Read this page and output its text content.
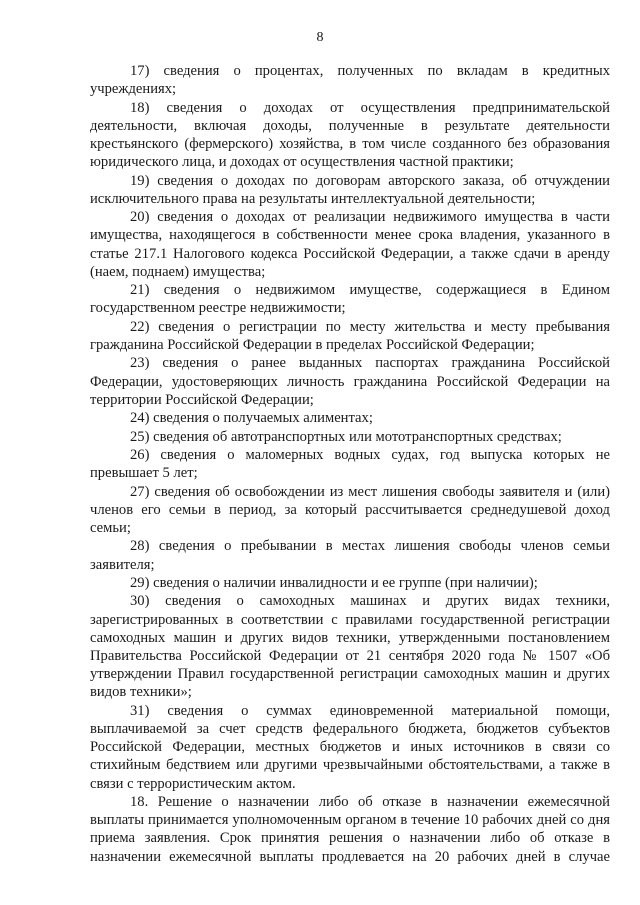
8

17) сведения о процентах, полученных по вкладам в кредитных учреждениях;

18) сведения о доходах от осуществления предпринимательской деятельности, включая доходы, полученные в результате деятельности крестьянского (фермерского) хозяйства, в том числе созданного без образования юридического лица, и доходах от осуществления частной практики;

19) сведения о доходах по договорам авторского заказа, об отчуждении исключительного права на результаты интеллектуальной деятельности;

20) сведения о доходах от реализации недвижимого имущества в части имущества, находящегося в собственности менее срока владения, указанного в статье 217.1 Налогового кодекса Российской Федерации, а также сдачи в аренду (наем, поднаем) имущества;

21) сведения о недвижимом имуществе, содержащиеся в Едином государственном реестре недвижимости;

22) сведения о регистрации по месту жительства и месту пребывания гражданина Российской Федерации в пределах Российской Федерации;

23) сведения о ранее выданных паспортах гражданина Российской Федерации, удостоверяющих личность гражданина Российской Федерации на территории Российской Федерации;

24) сведения о получаемых алиментах;

25) сведения об автотранспортных или мототранспортных средствах;

26) сведения о маломерных водных судах, год выпуска которых не превышает 5 лет;

27) сведения об освобождении из мест лишения свободы заявителя и (или) членов его семьи в период, за который рассчитывается среднедушевой доход семьи;

28) сведения о пребывании в местах лишения свободы членов семьи заявителя;

29) сведения о наличии инвалидности и ее группе (при наличии);

30) сведения о самоходных машинах и других видах техники, зарегистрированных в соответствии с правилами государственной регистрации самоходных машин и других видов техники, утвержденными постановлением Правительства Российской Федерации от 21 сентября 2020 года № 1507 «Об утверждении Правил государственной регистрации самоходных машин и других видов техники»;

31) сведения о суммах единовременной материальной помощи, выплачиваемой за счет средств федерального бюджета, бюджетов субъектов Российской Федерации, местных бюджетов и иных источников в связи со стихийным бедствием или другими чрезвычайными обстоятельствами, а также в связи с террористическим актом.

18. Решение о назначении либо об отказе в назначении ежемесячной выплаты принимается уполномоченным органом в течение 10 рабочих дней со дня приема заявления. Срок принятия решения о назначении либо об отказе в назначении ежемесячной выплаты продлевается на 20 рабочих дней в случае
